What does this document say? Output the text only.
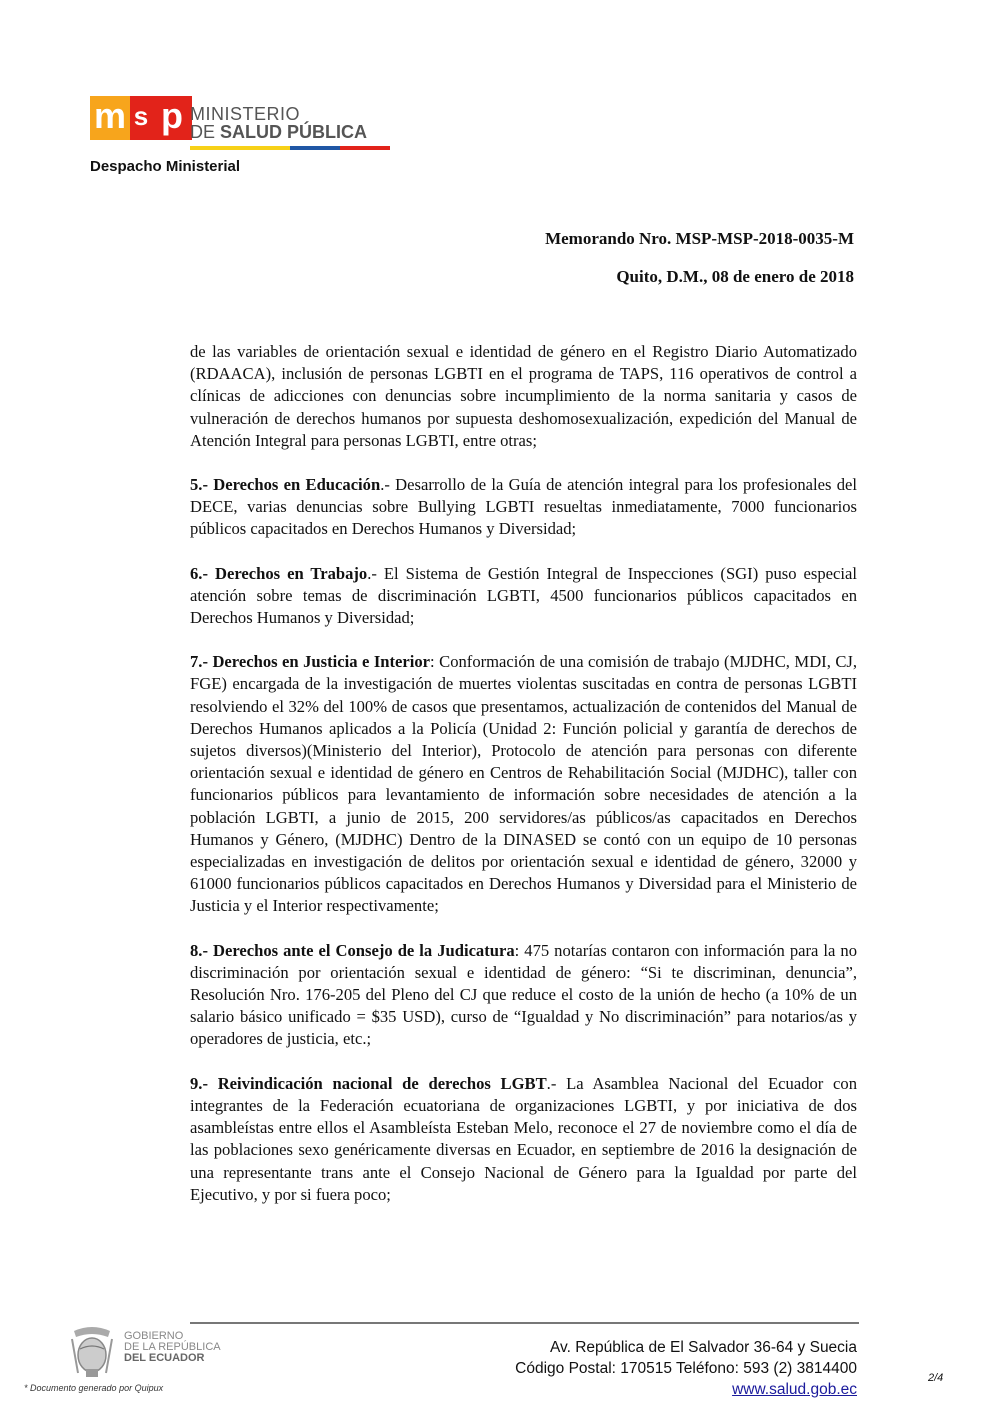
m s p MINISTERIO
DE SALUD PÚBLICA
Despacho Ministerial
Memorando Nro. MSP-MSP-2018-0035-M
Quito, D.M., 08 de enero de 2018

de las variables de orientación sexual e identidad de género en el Registro Diario Automatizado (RDAACA), inclusión de personas LGBTI en el programa de TAPS, 116 operativos de control a clínicas de adicciones con denuncias sobre incumplimiento de la norma sanitaria y casos de vulneración de derechos humanos por supuesta deshomosexualización, expedición del Manual de Atención Integral para personas LGBTI, entre otras;

5.- Derechos en Educación.- Desarrollo de la Guía de atención integral para los profesionales del DECE, varias denuncias sobre Bullying LGBTI resueltas inmediatamente, 7000 funcionarios públicos capacitados en Derechos Humanos y Diversidad;

6.- Derechos en Trabajo.- El Sistema de Gestión Integral de Inspecciones (SGI) puso especial atención sobre temas de discriminación LGBTI, 4500 funcionarios públicos capacitados en Derechos Humanos y Diversidad;

7.- Derechos en Justicia e Interior: Conformación de una comisión de trabajo (MJDHC, MDI, CJ, FGE) encargada de la investigación de muertes violentas suscitadas en contra de personas LGBTI resolviendo el 32% del 100% de casos que presentamos, actualización de contenidos del Manual de Derechos Humanos aplicados a la Policía (Unidad 2: Función policial y garantía de derechos de sujetos diversos)(Ministerio del Interior), Protocolo de atención para personas con diferente orientación sexual e identidad de género en Centros de Rehabilitación Social (MJDHC), taller con funcionarios públicos para levantamiento de información sobre necesidades de atención a la población LGBTI, a junio de 2015, 200 servidores/as públicos/as capacitados en Derechos Humanos y Género, (MJDHC) Dentro de la DINASED se contó con un equipo de 10 personas especializadas en investigación de delitos por orientación sexual e identidad de género, 32000 y 61000 funcionarios públicos capacitados en Derechos Humanos y Diversidad para el Ministerio de Justicia y el Interior respectivamente;

8.- Derechos ante el Consejo de la Judicatura: 475 notarías contaron con información para la no discriminación por orientación sexual e identidad de género: “Si te discriminan, denuncia”, Resolución Nro. 176-205 del Pleno del CJ que reduce el costo de la unión de hecho (a 10% de un salario básico unificado = $35 USD), curso de “Igualdad y No discriminación” para notarios/as y operadores de justicia, etc.;

9.- Reivindicación nacional de derechos LGBT.- La Asamblea Nacional del Ecuador con integrantes de la Federación ecuatoriana de organizaciones LGBTI, y por iniciativa de dos asambleístas entre ellos el Asambleísta Esteban Melo, reconoce el 27 de noviembre como el día de las poblaciones sexo genéricamente diversas en Ecuador, en septiembre de 2016 la designación de una representante trans ante el Consejo Nacional de Género para la Igualdad por parte del Ejecutivo, y por si fuera poco;

GOBIERNO
DE LA REPÚBLICA
DEL ECUADOR
* Documento generado por Quipux
Av. República de El Salvador 36-64 y Suecia
Código Postal: 170515 Teléfono: 593 (2) 3814400
www.salud.gob.ec
2/4
